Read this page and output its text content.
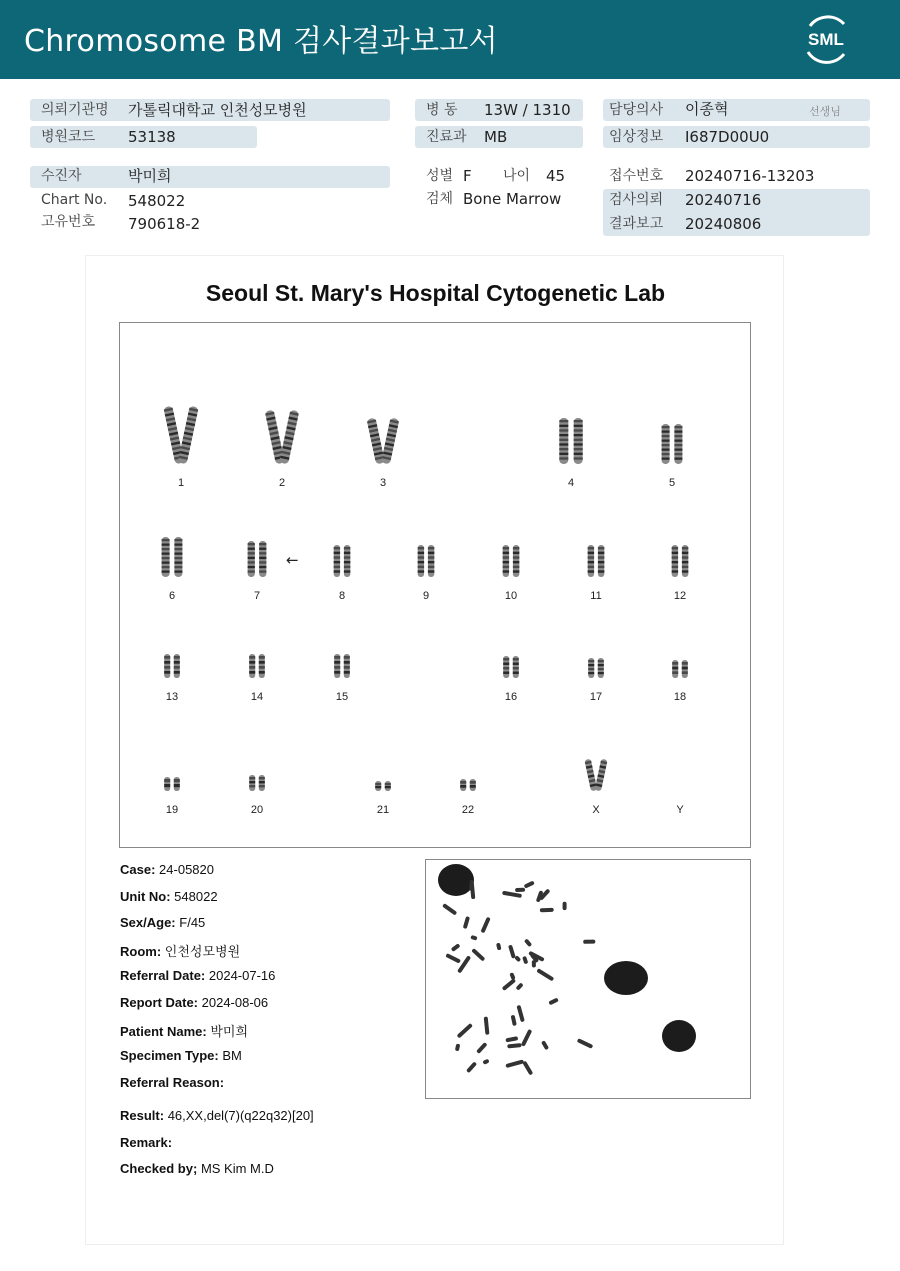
Chromosome BM 검사결과보고서	SML
의뢰기관명 가톨릭대학교 인천성모병원
병원코드 53138
병 동 13W / 1310
진료과 MB
담당의사 이종혁	선생님
임상정보 I687D00U0
수진자	박미희
Chart No. 548022
고유번호 790618-2
성별 F 나이 45
검체 Bone Marrow
접수번호 20240716-13203
검사의뢰 20240716
결과보고 20240806
Seoul St. Mary's Hospital Cytogenetic Lab
1	2	3	4	5
6	7	8	9	10	11	12
13	14	15	16	17	18
19	20	21	22	X	Y
←
Case: 24-05820
Unit No: 548022
Sex/Age: F/45
Room: 인천성모병원
Referral Date: 2024-07-16
Report Date: 2024-08-06
Patient Name: 박미희
Specimen Type: BM
Referral Reason:
Result: 46,XX,del(7)(q22q32)[20]
Remark:
Checked by; MS Kim M.D
